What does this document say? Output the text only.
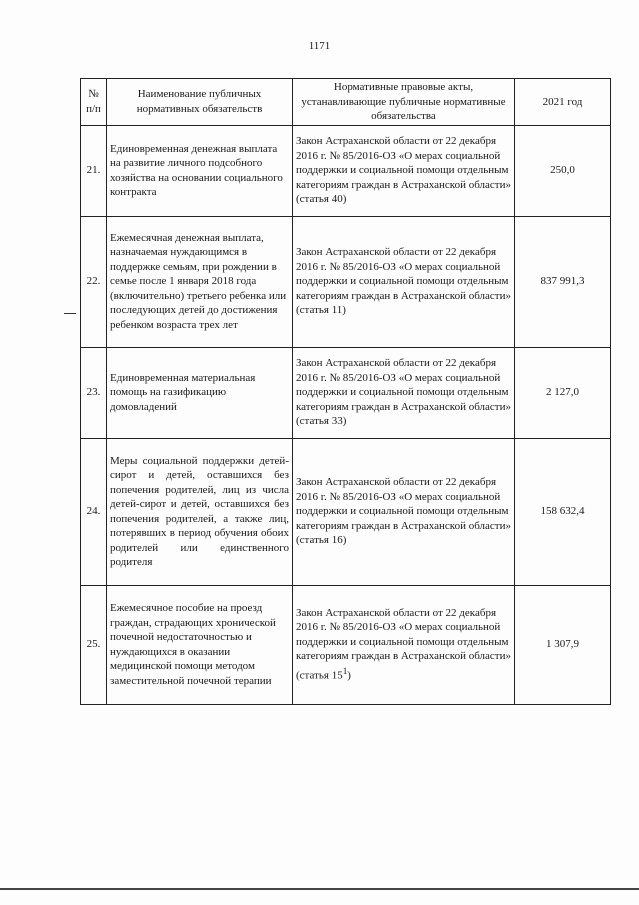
1171
№ п/п	Наименование публичных нормативных обязательств	Нормативные правовые акты, устанавливающие публичные нормативные обязательства	2021 год
21.	Единовременная денежная выплата на развитие личного подсобного хозяйства на основании социального контракта	Закон Астраханской области от 22 декабря 2016 г. № 85/2016-ОЗ «О мерах социальной поддержки и социальной помощи отдельным категориям граждан в Астраханской области» (статья 40)	250,0
22.	Ежемесячная денежная выплата, назначаемая нуждающимся в поддержке семьям, при рождении в семье после 1 января 2018 года (включительно) третьего ребенка или последующих детей до достижения ребенком возраста трех лет	Закон Астраханской области от 22 декабря 2016 г. № 85/2016-ОЗ «О мерах социальной поддержки и социальной помощи отдельным категориям граждан в Астраханской области» (статья 11)	837 991,3
23.	Единовременная материальная помощь на газификацию домовладений	Закон Астраханской области от 22 декабря 2016 г. № 85/2016-ОЗ «О мерах социальной поддержки и социальной помощи отдельным категориям граждан в Астраханской области» (статья 33)	2 127,0
24.	Меры социальной поддержки детей-сирот и детей, оставшихся без попечения родителей, лиц из числа детей-сирот и детей, оставшихся без попечения родителей, а также лиц, потерявших в период обучения обоих родителей или единственного родителя	Закон Астраханской области от 22 декабря 2016 г. № 85/2016-ОЗ «О мерах социальной поддержки и социальной помощи отдельным категориям граждан в Астраханской области» (статья 16)	158 632,4
25.	Ежемесячное пособие на проезд граждан, страдающих хронической почечной недостаточностью и нуждающихся в оказании медицинской помощи методом заместительной почечной терапии	Закон Астраханской области от 22 декабря 2016 г. № 85/2016-ОЗ «О мерах социальной поддержки и социальной помощи отдельным категориям граждан в Астраханской области» (статья $15^1$)	1 307,9
